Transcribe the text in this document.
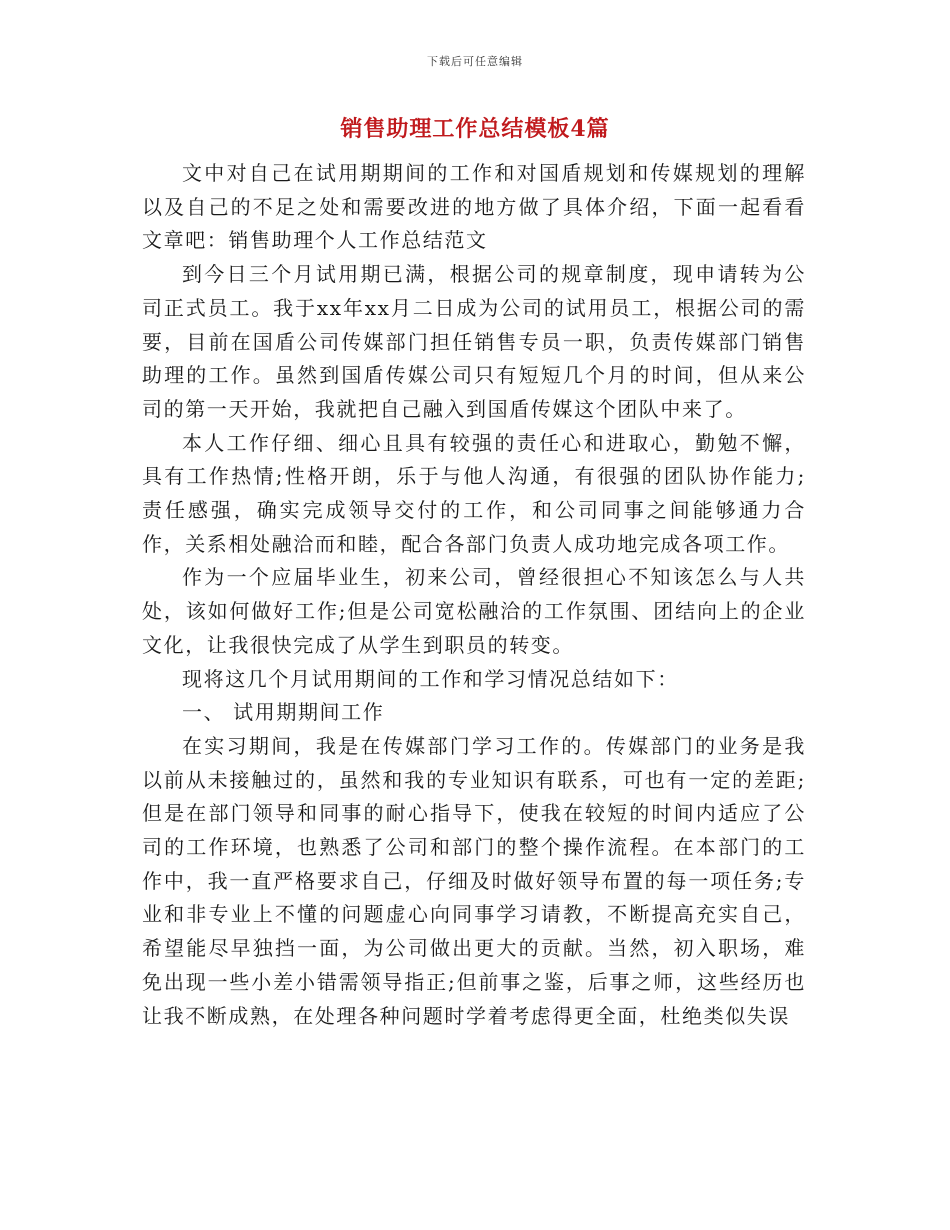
下载后可任意编辑
销售助理工作总结模板4篇

文中对自己在试用期期间的工作和对国盾规划和传媒规划的理解以及自己的不足之处和需要改进的地方做了具体介绍，下面一起看看文章吧：销售助理个人工作总结范文

到今日三个月试用期已满，根据公司的规章制度，现申请转为公司正式员工。我于xx年xx月二日成为公司的试用员工，根据公司的需要，目前在国盾公司传媒部门担任销售专员一职，负责传媒部门销售助理的工作。虽然到国盾传媒公司只有短短几个月的时间，但从来公司的第一天开始，我就把自己融入到国盾传媒这个团队中来了。

本人工作仔细、细心且具有较强的责任心和进取心，勤勉不懈，具有工作热情;性格开朗，乐于与他人沟通，有很强的团队协作能力;责任感强，确实完成领导交付的工作，和公司同事之间能够通力合作，关系相处融洽而和睦，配合各部门负责人成功地完成各项工作。

作为一个应届毕业生，初来公司，曾经很担心不知该怎么与人共处，该如何做好工作;但是公司宽松融洽的工作氛围、团结向上的企业文化，让我很快完成了从学生到职员的转变。

现将这几个月试用期间的工作和学习情况总结如下：

一、 试用期期间工作

在实习期间，我是在传媒部门学习工作的。传媒部门的业务是我以前从未接触过的，虽然和我的专业知识有联系，可也有一定的差距;但是在部门领导和同事的耐心指导下，使我在较短的时间内适应了公司的工作环境，也熟悉了公司和部门的整个操作流程。在本部门的工作中，我一直严格要求自己，仔细及时做好领导布置的每一项任务;专业和非专业上不懂的问题虚心向同事学习请教，不断提高充实自己，希望能尽早独挡一面，为公司做出更大的贡献。当然，初入职场，难免出现一些小差小错需领导指正;但前事之鉴，后事之师，这些经历也让我不断成熟，在处理各种问题时学着考虑得更全面，杜绝类似失误
